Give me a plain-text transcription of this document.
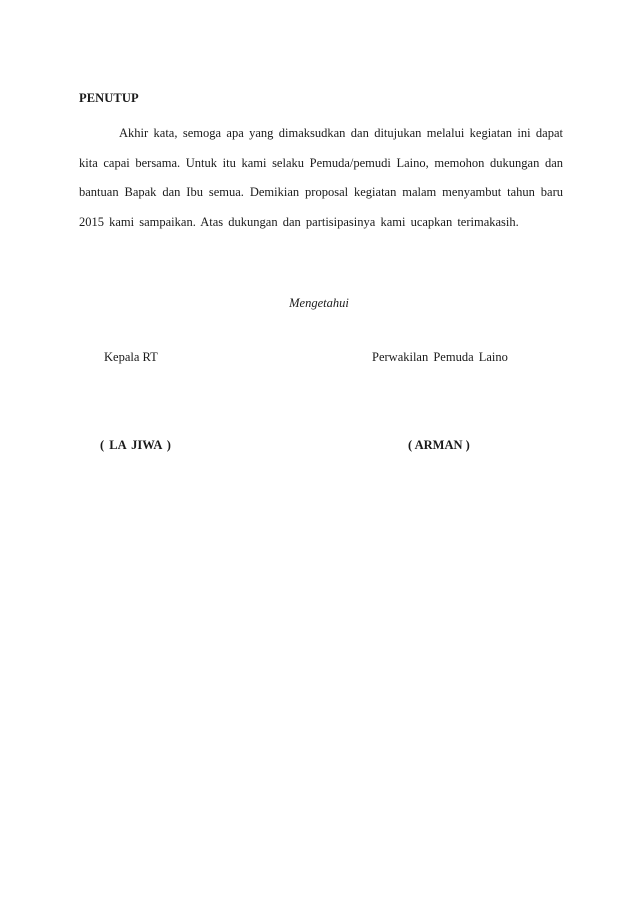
PENUTUP

Akhir kata, semoga apa yang dimaksudkan dan ditujukan melalui kegiatan ini dapat kita capai bersama. Untuk itu kami selaku Pemuda/pemudi Laino, memohon dukungan dan bantuan Bapak dan Ibu semua. Demikian proposal kegiatan malam menyambut tahun baru 2015 kami sampaikan. Atas dukungan dan partisipasinya kami ucapkan terimakasih.

Mengetahui
Kepala RT	Perwakilan Pemuda Laino
( LA JIWA )	( ARMAN )
